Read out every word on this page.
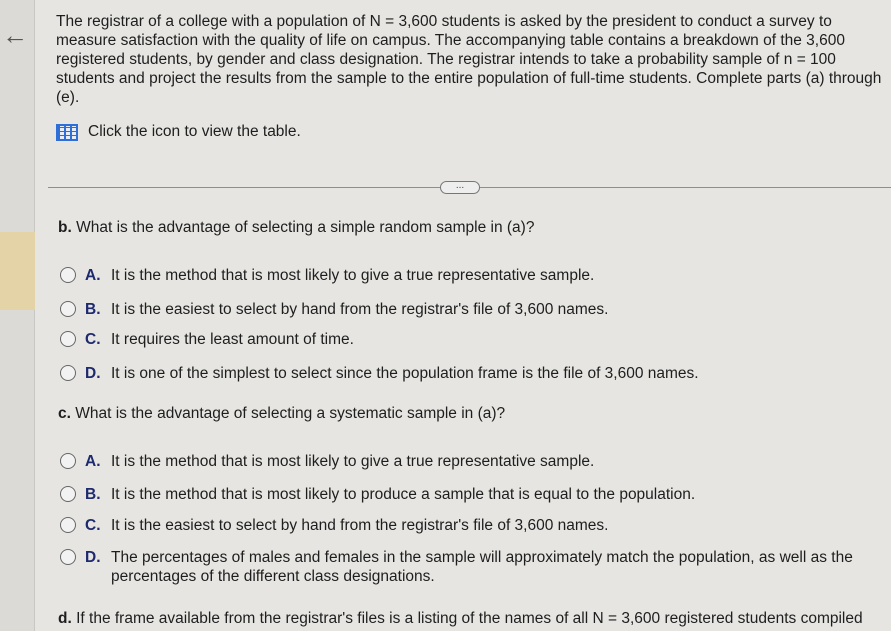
← The registrar of a college with a population of N = 3,600 students is asked by the president to conduct a survey to measure satisfaction with the quality of life on campus. The accompanying table contains a breakdown of the 3,600 registered students, by gender and class designation. The registrar intends to take a probability sample of n = 100 students and project the results from the sample to the entire population of full-time students. Complete parts (a) through (e).

Click the icon to view the table.
...
b. What is the advantage of selecting a simple random sample in (a)?
A. It is the method that is most likely to give a true representative sample.
B. It is the easiest to select by hand from the registrar's file of 3,600 names.
C. It requires the least amount of time.
D. It is one of the simplest to select since the population frame is the file of 3,600 names.
c. What is the advantage of selecting a systematic sample in (a)?
A. It is the method that is most likely to give a true representative sample.
B. It is the method that is most likely to produce a sample that is equal to the population.
C. It is the easiest to select by hand from the registrar's file of 3,600 names.
D. The percentages of males and females in the sample will approximately match the population, as well as the percentages of the different class designations.
d. If the frame available from the registrar's files is a listing of the names of all N = 3,600 registered students compiled
